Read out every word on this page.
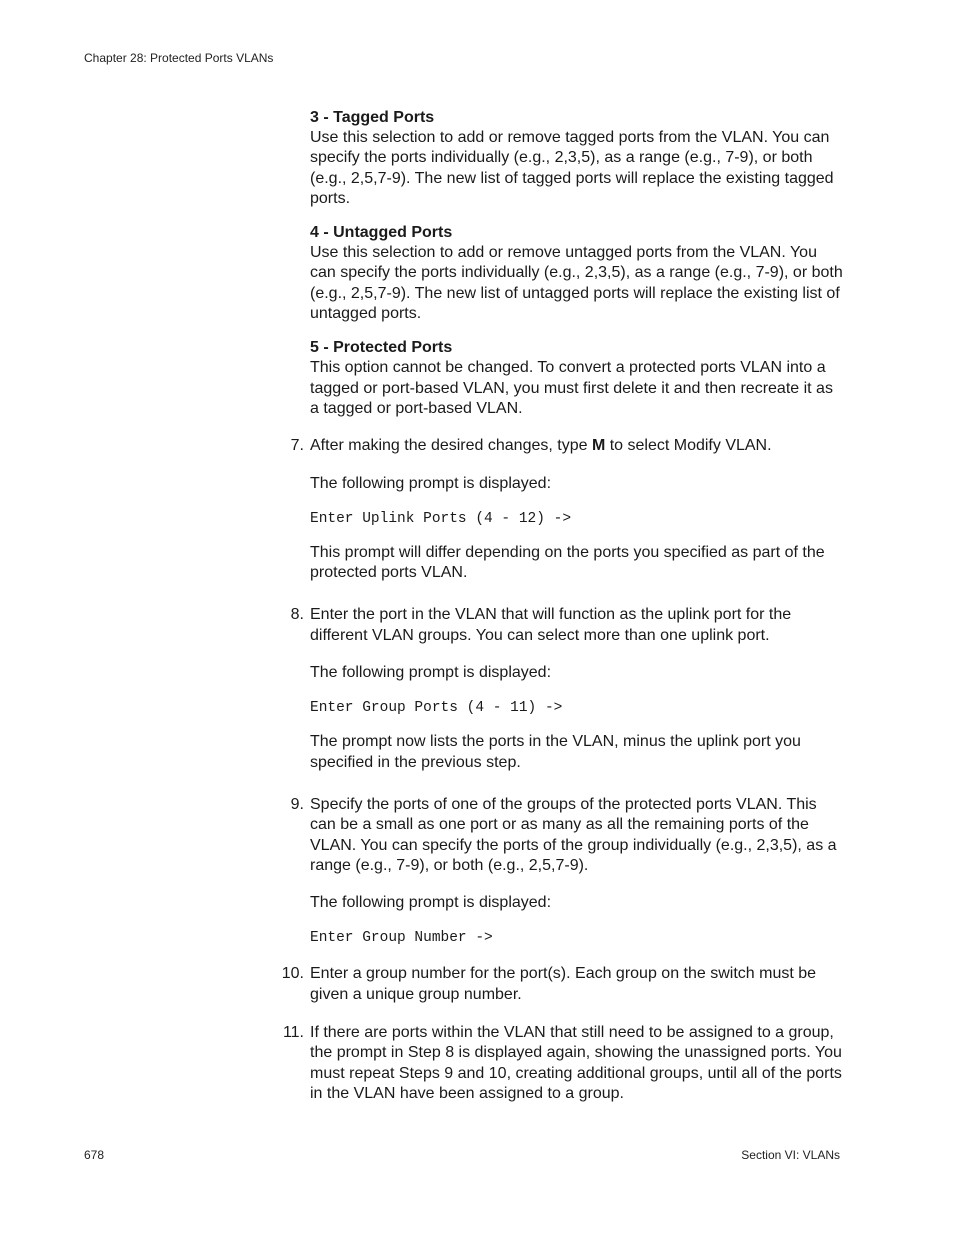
Chapter 28: Protected Ports VLANs

3 - Tagged Ports

Use this selection to add or remove tagged ports from the VLAN. You can specify the ports individually (e.g., 2,3,5), as a range (e.g., 7-9), or both (e.g., 2,5,7-9). The new list of tagged ports will replace the existing tagged ports.

4 - Untagged Ports

Use this selection to add or remove untagged ports from the VLAN. You can specify the ports individually (e.g., 2,3,5), as a range (e.g., 7-9), or both (e.g., 2,5,7-9). The new list of untagged ports will replace the existing list of untagged ports.

5 - Protected Ports

This option cannot be changed. To convert a protected ports VLAN into a tagged or port-based VLAN, you must first delete it and then recreate it as a tagged or port-based VLAN.

7. After making the desired changes, type M to select Modify VLAN.

The following prompt is displayed:

Enter Uplink Ports (4 - 12) ->

This prompt will differ depending on the ports you specified as part of the protected ports VLAN.

8. Enter the port in the VLAN that will function as the uplink port for the different VLAN groups. You can select more than one uplink port.

The following prompt is displayed:

Enter Group Ports (4 - 11) ->

The prompt now lists the ports in the VLAN, minus the uplink port you specified in the previous step.

9. Specify the ports of one of the groups of the protected ports VLAN. This can be a small as one port or as many as all the remaining ports of the VLAN. You can specify the ports of the group individually (e.g., 2,3,5), as a range (e.g., 7-9), or both (e.g., 2,5,7-9).

The following prompt is displayed:

Enter Group Number ->
10. Enter a group number for the port(s). Each group on the switch must be given a unique group number.

11. If there are ports within the VLAN that still need to be assigned to a group, the prompt in Step 8 is displayed again, showing the unassigned ports. You must repeat Steps 9 and 10, creating additional groups, until all of the ports in the VLAN have been assigned to a group.

678	Section VI: VLANs
